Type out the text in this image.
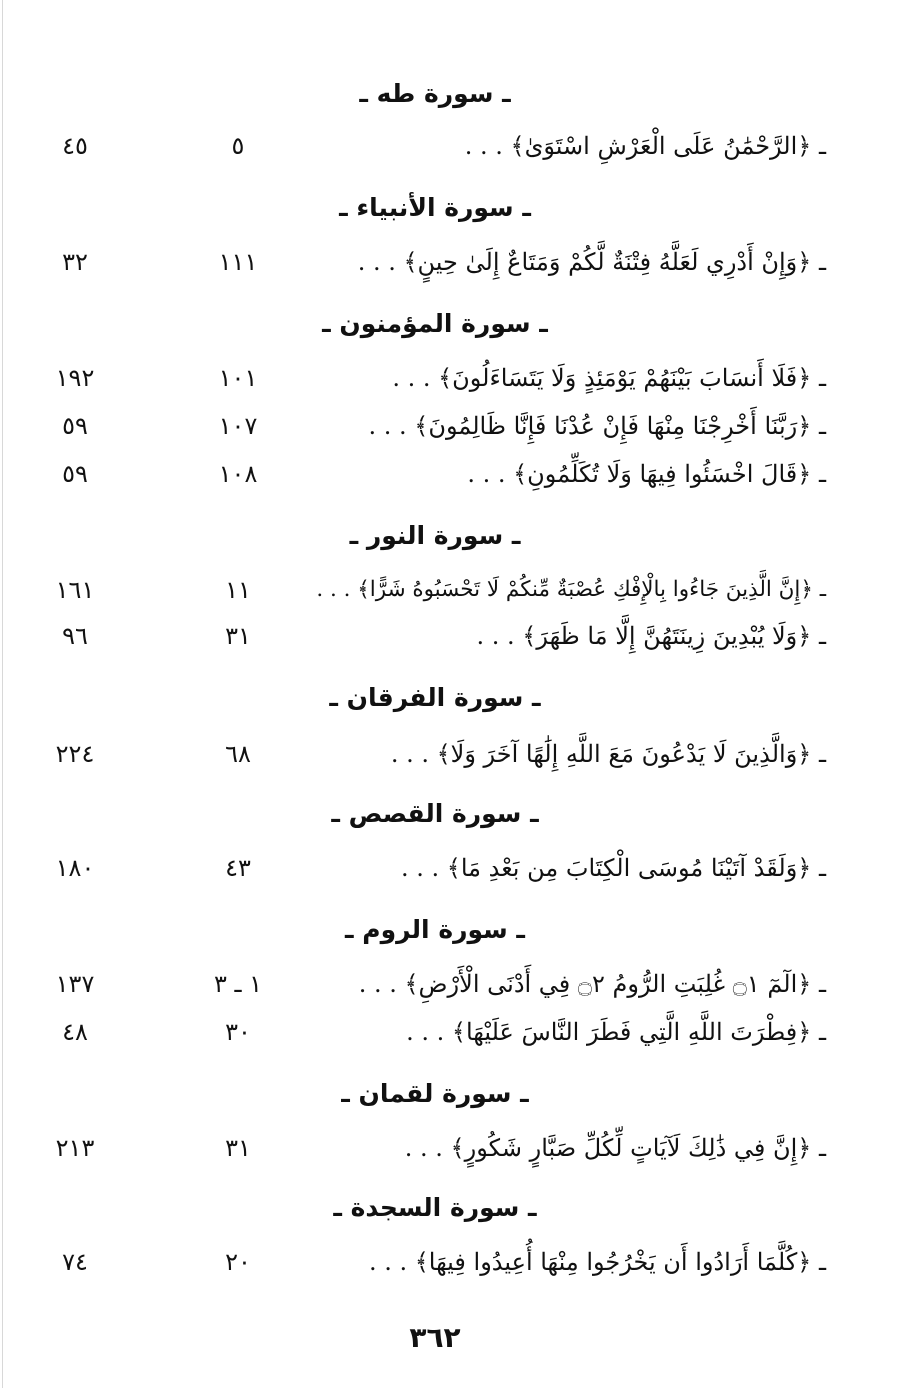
ـ سورة طه ـ
ـ ﴿الرَّحْمَٰنُ عَلَى الْعَرْشِ اسْتَوَىٰ﴾ . . .
٥
٤٥
ـ سورة الأنبياء ـ
ـ ﴿وَإِنْ أَدْرِي لَعَلَّهُ فِتْنَةٌ لَّكُمْ وَمَتَاعٌ إِلَىٰ حِينٍ﴾ . . .
١١١
٣٢
ـ سورة المؤمنون ـ
ـ ﴿فَلَا أَنسَابَ بَيْنَهُمْ يَوْمَئِذٍ وَلَا يَتَسَاءَلُونَ﴾ . . .
١٠١
١٩٢
ـ ﴿رَبَّنَا أَخْرِجْنَا مِنْهَا فَإِنْ عُدْنَا فَإِنَّا ظَالِمُونَ﴾ . . .
١٠٧
٥٩
ـ ﴿قَالَ اخْسَئُوا فِيهَا وَلَا تُكَلِّمُونِ﴾ . . .
١٠٨
٥٩
ـ سورة النور ـ
ـ ﴿إِنَّ الَّذِينَ جَاءُوا بِالْإِفْكِ عُصْبَةٌ مِّنكُمْ لَا تَحْسَبُوهُ شَرًّا﴾ . . .
١١
١٦١
ـ ﴿وَلَا يُبْدِينَ زِينَتَهُنَّ إِلَّا مَا ظَهَرَ﴾ . . .
٣١
٩٦
ـ سورة الفرقان ـ
ـ ﴿وَالَّذِينَ لَا يَدْعُونَ مَعَ اللَّهِ إِلَٰهًا آخَرَ وَلَا﴾ . . .
٦٨
٢٢٤
ـ سورة القصص ـ
ـ ﴿وَلَقَدْ آتَيْنَا مُوسَى الْكِتَابَ مِن بَعْدِ مَا﴾ . . .
٤٣
١٨٠
ـ سورة الروم ـ
ـ ﴿الٓمٓ ۝١ غُلِبَتِ الرُّومُ ۝٢ فِي أَدْنَى الْأَرْضِ﴾ . . .
١ ـ ٣
١٣٧
ـ ﴿فِطْرَتَ اللَّهِ الَّتِي فَطَرَ النَّاسَ عَلَيْهَا﴾ . . .
٣٠
٤٨
ـ سورة لقمان ـ
ـ ﴿إِنَّ فِي ذَٰلِكَ لَآيَاتٍ لِّكُلِّ صَبَّارٍ شَكُورٍ﴾ . . .
٣١
٢١٣
ـ سورة السجدة ـ
ـ ﴿كُلَّمَا أَرَادُوا أَن يَخْرُجُوا مِنْهَا أُعِيدُوا فِيهَا﴾ . . .
٢٠
٧٤
٣٦٢
